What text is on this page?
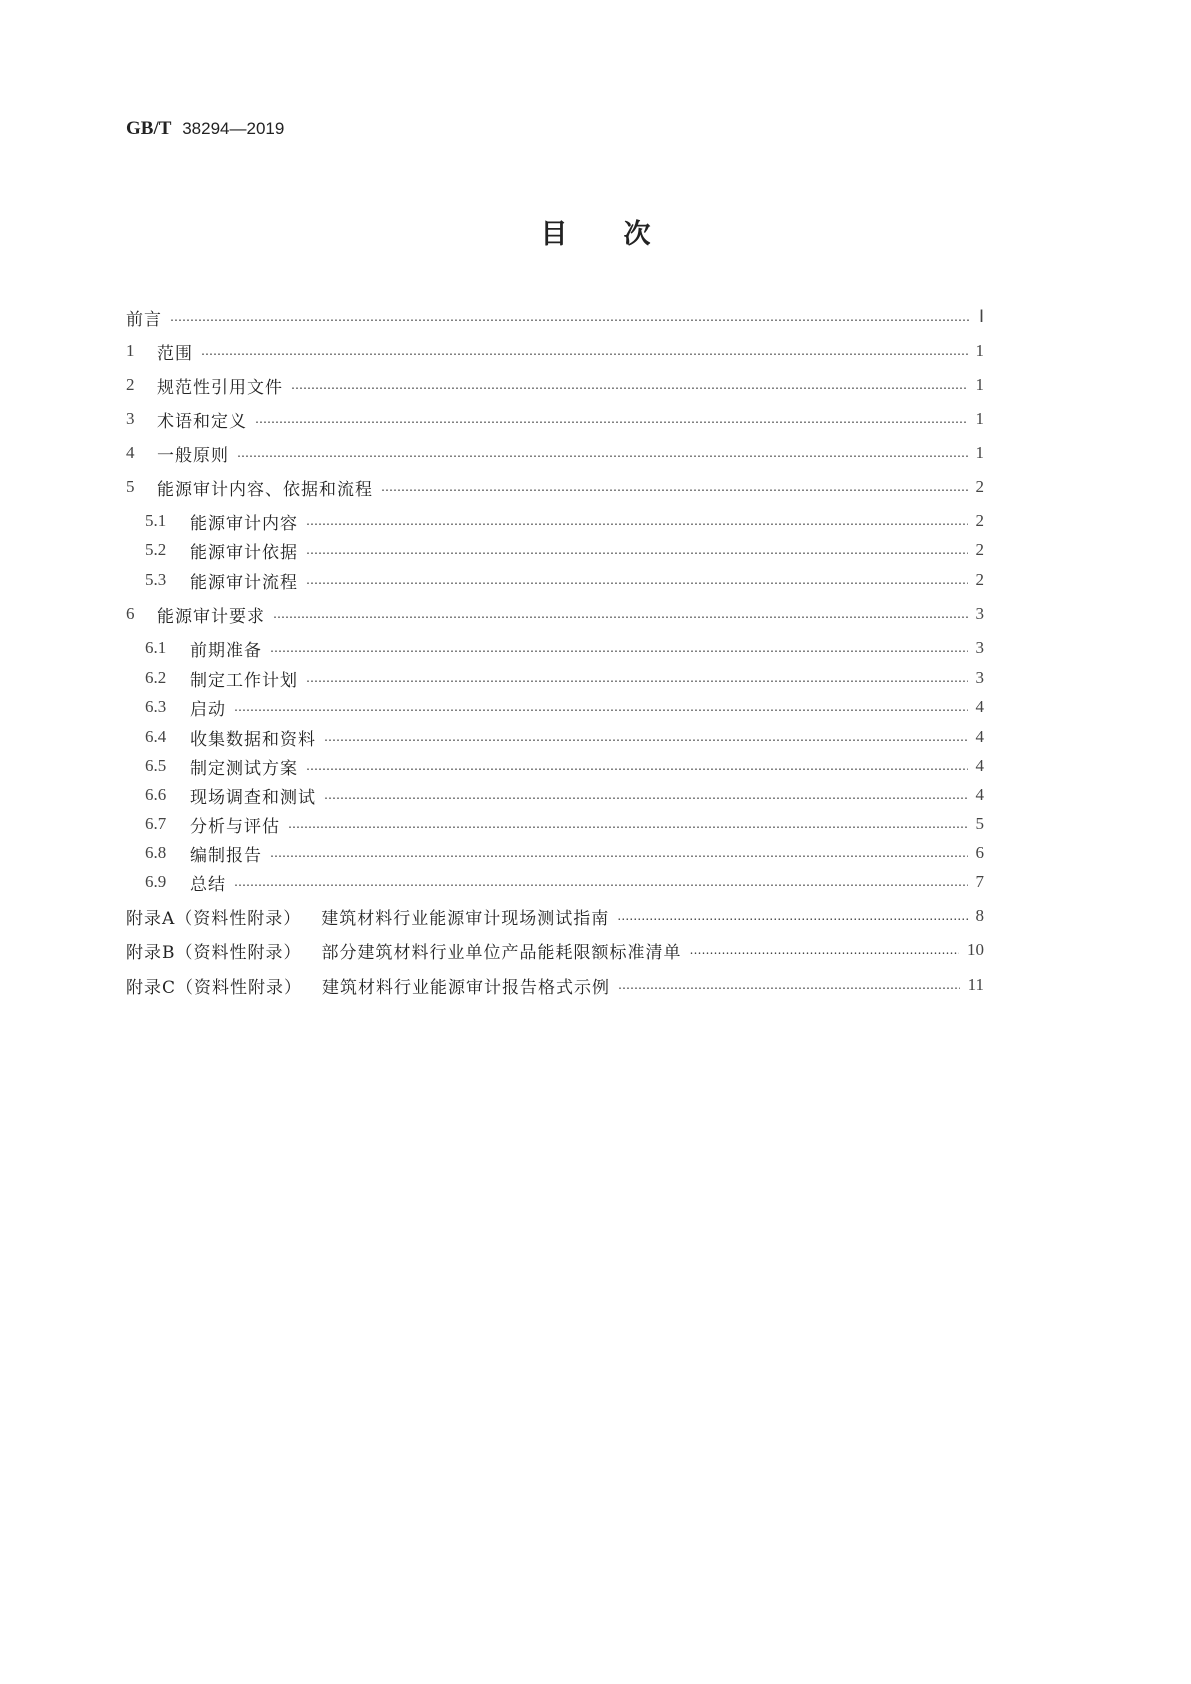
GB/T 38294—2019
目次
前言 ………………………………………………………………………………………………………………………………………………………………………………………………………………………………………………	Ⅰ
1	范围 ………………………………………………………………………………………………………………………………………………………………………………………………………………………………………………	1
2	规范性引用文件 ………………………………………………………………………………………………………………………………………………………………………………………………………………………………………………	1
3	术语和定义 ………………………………………………………………………………………………………………………………………………………………………………………………………………………………………………	1
4	一般原则 ………………………………………………………………………………………………………………………………………………………………………………………………………………………………………………	1
5	能源审计内容、依据和流程 ………………………………………………………………………………………………………………………………………………………………………………………………………………………………………………	2
5.1	能源审计内容 ………………………………………………………………………………………………………………………………………………………………………………………………………………………………………………	2
5.2	能源审计依据 ………………………………………………………………………………………………………………………………………………………………………………………………………………………………………………	2
5.3	能源审计流程 ………………………………………………………………………………………………………………………………………………………………………………………………………………………………………………	2
6	能源审计要求 ………………………………………………………………………………………………………………………………………………………………………………………………………………………………………………	3
6.1	前期准备 ………………………………………………………………………………………………………………………………………………………………………………………………………………………………………………	3
6.2	制定工作计划 ………………………………………………………………………………………………………………………………………………………………………………………………………………………………………………	3
6.3	启动 ………………………………………………………………………………………………………………………………………………………………………………………………………………………………………………	4
6.4	收集数据和资料 ………………………………………………………………………………………………………………………………………………………………………………………………………………………………………………	4
6.5	制定测试方案 ………………………………………………………………………………………………………………………………………………………………………………………………………………………………………………	4
6.6	现场调查和测试 ………………………………………………………………………………………………………………………………………………………………………………………………………………………………………………	4
6.7	分析与评估 ………………………………………………………………………………………………………………………………………………………………………………………………………………………………………………	5
6.8	编制报告 ………………………………………………………………………………………………………………………………………………………………………………………………………………………………………………	6
6.9	总结 ………………………………………………………………………………………………………………………………………………………………………………………………………………………………………………	7
附录A（资料性附录） 建筑材料行业能源审计现场测试指南 ………………………………………………………………………………………………………………………………………………………………………………………………………………………………………………	8
附录B（资料性附录） 部分建筑材料行业单位产品能耗限额标准清单 ………………………………………………………………………………………………………………………………………………………………………………………………………………………………………………	10
附录C（资料性附录） 建筑材料行业能源审计报告格式示例 ………………………………………………………………………………………………………………………………………………………………………………………………………………………………………………	11
